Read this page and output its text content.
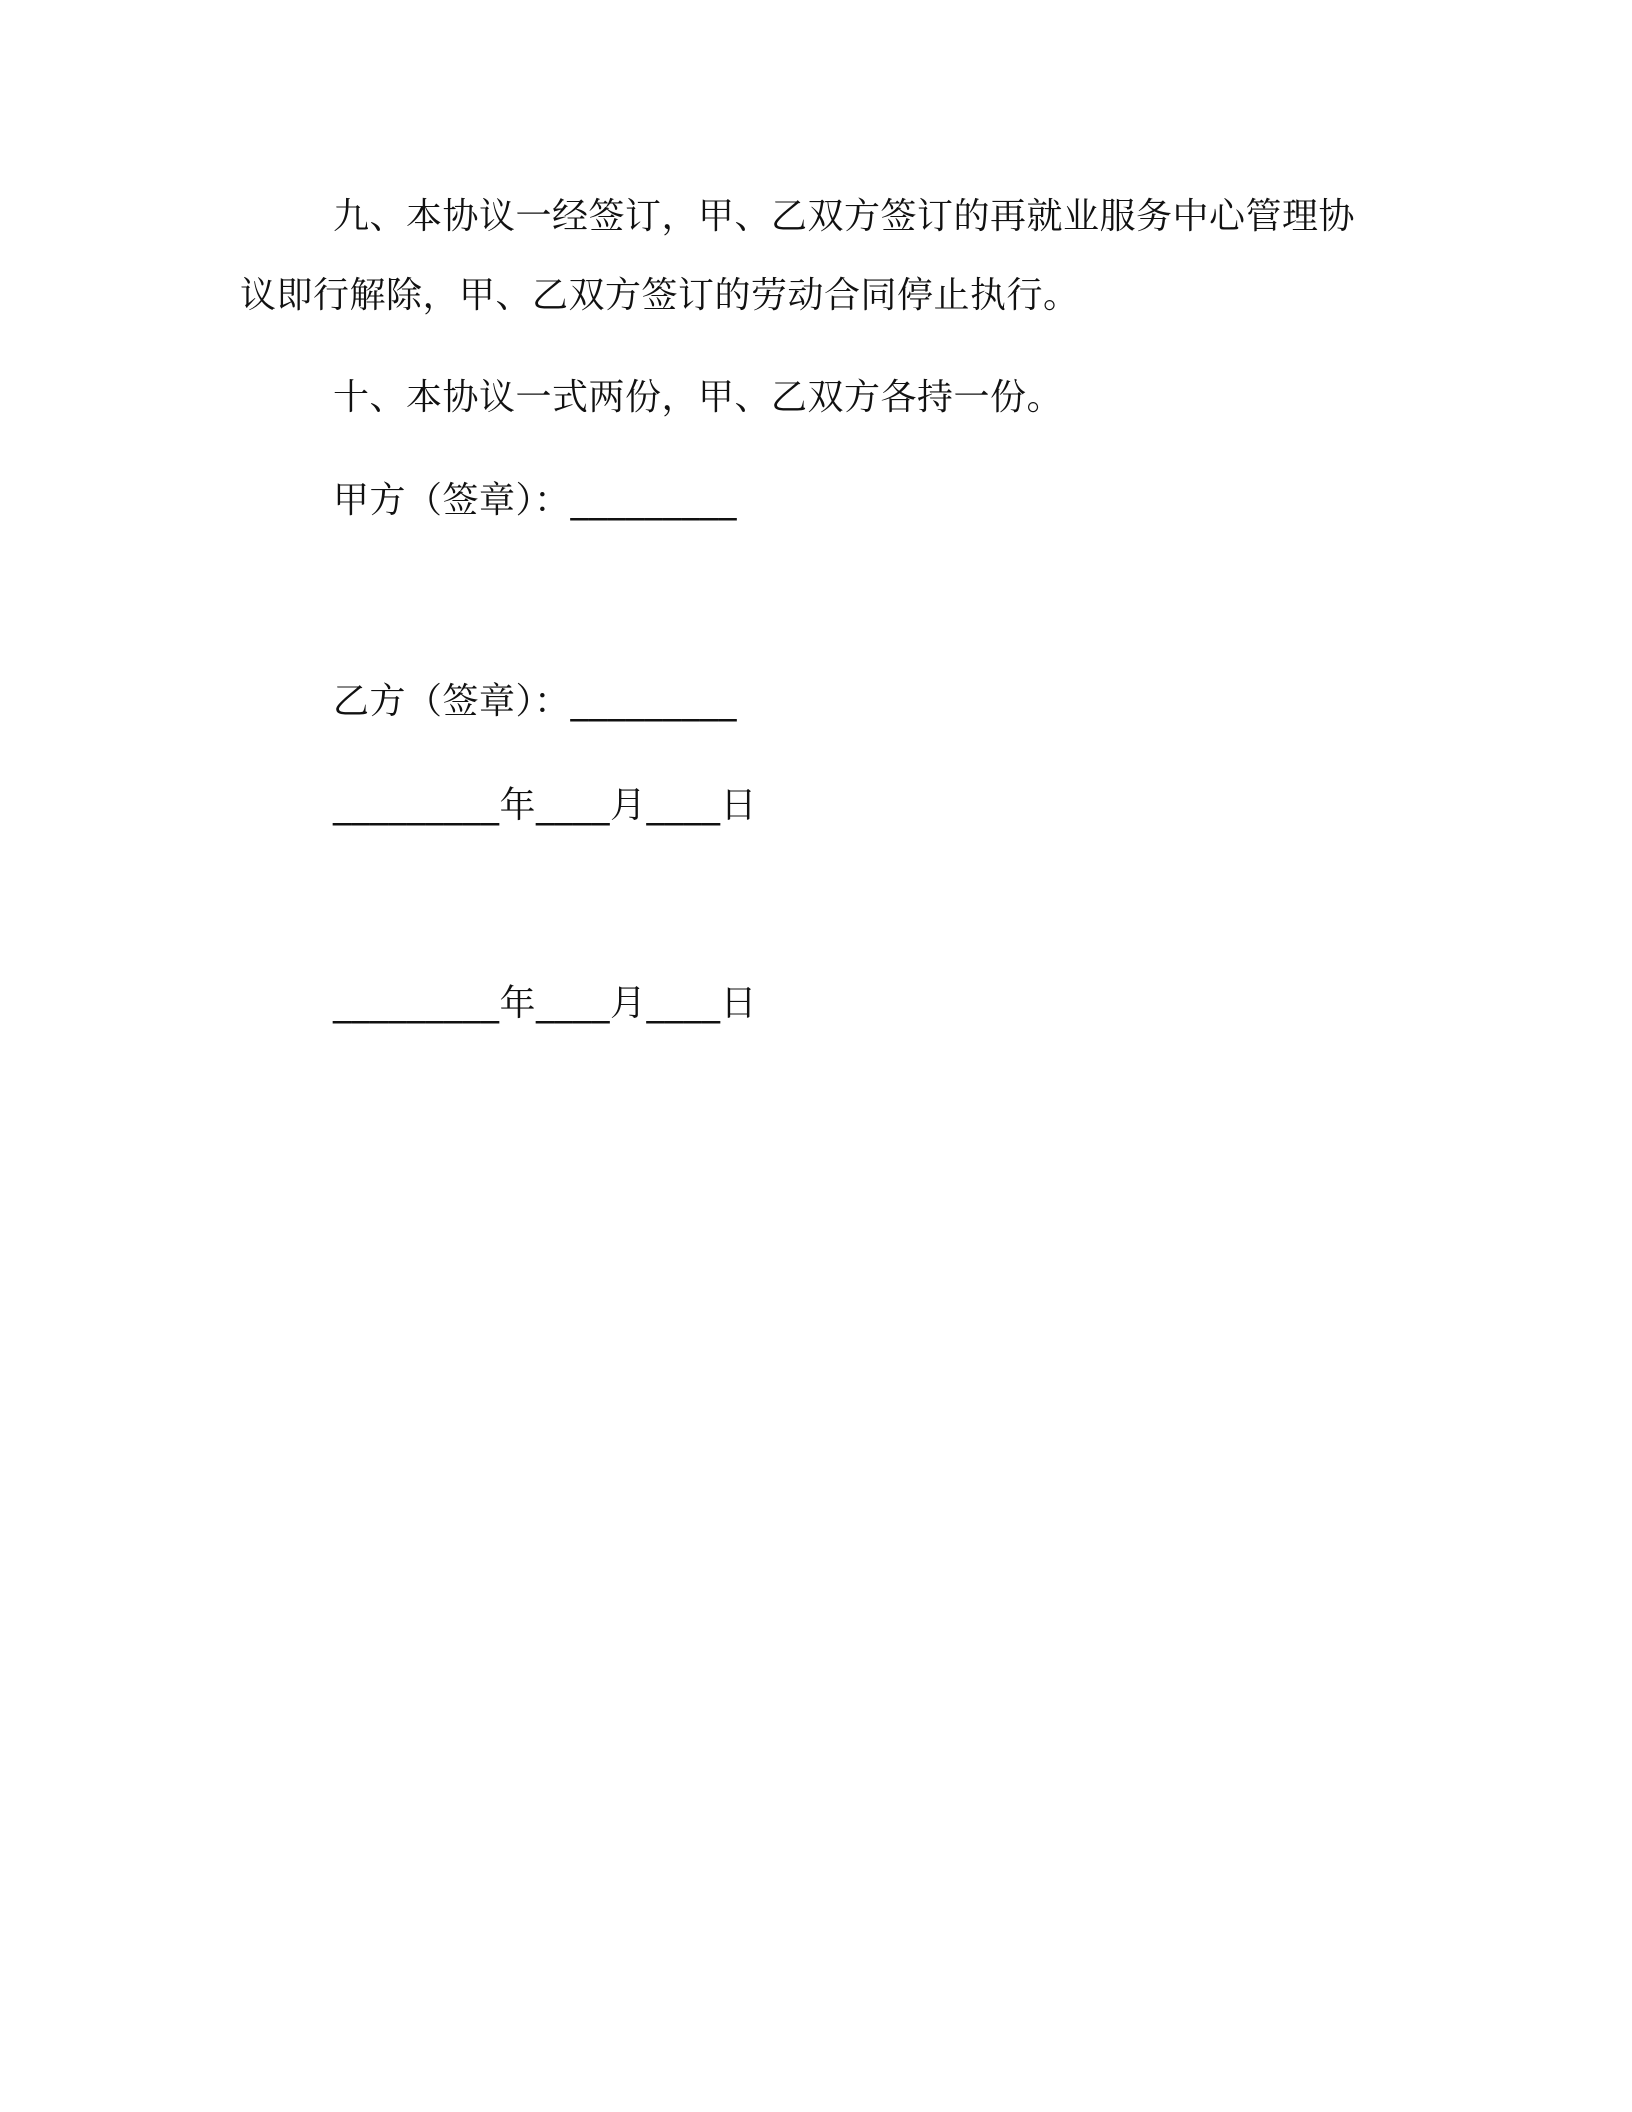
九、本协议一经签订，甲、乙双方签订的再就业服务中心管理协
议即行解除，甲、乙双方签订的劳动合同停止执行。
十、本协议一式两份，甲、乙双方各持一份。
甲方（签章）：_________
乙方（签章）：_________
_________年____月____日
_________年____月____日
